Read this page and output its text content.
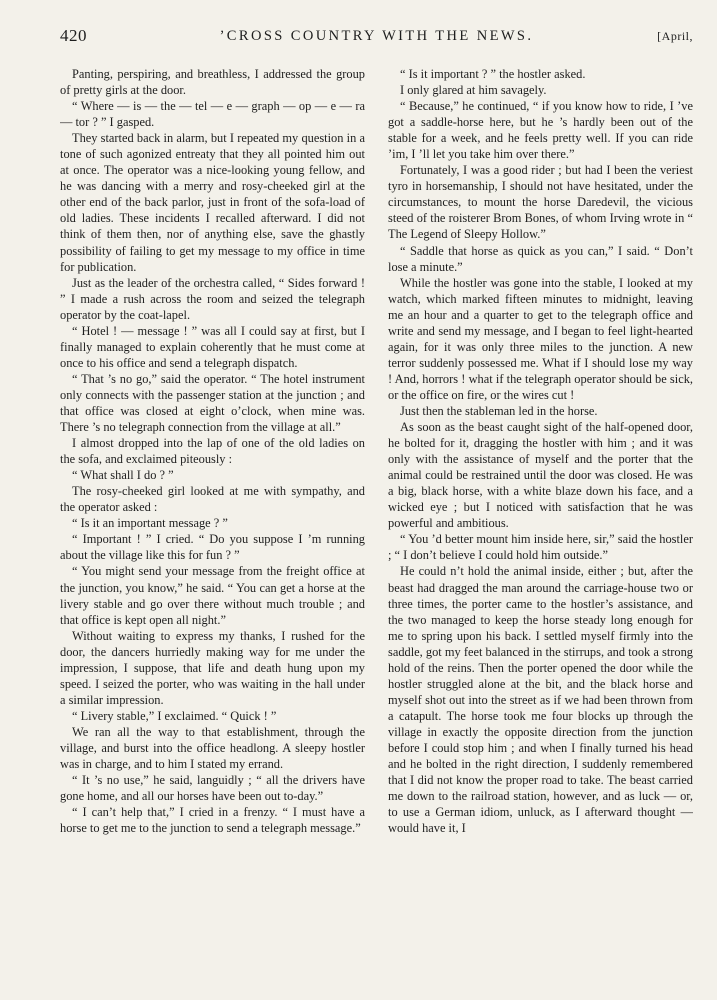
420	’CROSS COUNTRY WITH THE NEWS.	[April,

Panting, perspiring, and breathless, I addressed the group of pretty girls at the door.

“ Where — is — the — tel — e — graph — op — e — ra — tor ? ” I gasped.

They started back in alarm, but I repeated my question in a tone of such agonized entreaty that they all pointed him out at once. The operator was a nice-looking young fellow, and he was dancing with a merry and rosy-cheeked girl at the other end of the back parlor, just in front of the sofa-load of old ladies. These incidents I recalled afterward. I did not think of them then, nor of anything else, save the ghastly possibility of failing to get my message to my office in time for publication.

Just as the leader of the orchestra called, “ Sides forward ! ” I made a rush across the room and seized the telegraph operator by the coat-lapel.

“ Hotel ! — message ! ” was all I could say at first, but I finally managed to explain coherently that he must come at once to his office and send a telegraph dispatch.

“ That ’s no go,” said the operator. “ The hotel instrument only connects with the passenger station at the junction ; and that office was closed at eight o’clock, when mine was. There ’s no telegraph connection from the village at all.”

I almost dropped into the lap of one of the old ladies on the sofa, and exclaimed piteously :

“ What shall I do ? ”

The rosy-cheeked girl looked at me with sympathy, and the operator asked :

“ Is it an important message ? ”

“ Important ! ” I cried. “ Do you suppose I ’m running about the village like this for fun ? ”

“ You might send your message from the freight office at the junction, you know,” he said. “ You can get a horse at the livery stable and go over there without much trouble ; and that office is kept open all night.”

Without waiting to express my thanks, I rushed for the door, the dancers hurriedly making way for me under the impression, I suppose, that life and death hung upon my speed. I seized the porter, who was waiting in the hall under a similar impression.

“ Livery stable,” I exclaimed. “ Quick ! ”

We ran all the way to that establishment, through the village, and burst into the office headlong. A sleepy hostler was in charge, and to him I stated my errand.

“ It ’s no use,” he said, languidly ; “ all the drivers have gone home, and all our horses have been out to-day.”

“ I can’t help that,” I cried in a frenzy. “ I must have a horse to get me to the junction to send a telegraph message.”

“ Is it important ? ” the hostler asked.

I only glared at him savagely.

“ Because,” he continued, “ if you know how to ride, I ’ve got a saddle-horse here, but he ’s hardly been out of the stable for a week, and he feels pretty well. If you can ride ’im, I ’ll let you take him over there.”

Fortunately, I was a good rider ; but had I been the veriest tyro in horsemanship, I should not have hesitated, under the circumstances, to mount the horse Daredevil, the vicious steed of the roisterer Brom Bones, of whom Irving wrote in “ The Legend of Sleepy Hollow.”

“ Saddle that horse as quick as you can,” I said. “ Don’t lose a minute.”

While the hostler was gone into the stable, I looked at my watch, which marked fifteen minutes to midnight, leaving me an hour and a quarter to get to the telegraph office and write and send my message, and I began to feel light-hearted again, for it was only three miles to the junction. A new terror suddenly possessed me. What if I should lose my way ! And, horrors ! what if the telegraph operator should be sick, or the office on fire, or the wires cut !

Just then the stableman led in the horse.

As soon as the beast caught sight of the half-opened door, he bolted for it, dragging the hostler with him ; and it was only with the assistance of myself and the porter that the animal could be restrained until the door was closed. He was a big, black horse, with a white blaze down his face, and a wicked eye ; but I noticed with satisfaction that he was powerful and ambitious.

“ You ’d better mount him inside here, sir,” said the hostler ; “ I don’t believe I could hold him outside.”

He could n’t hold the animal inside, either ; but, after the beast had dragged the man around the carriage-house two or three times, the porter came to the hostler’s assistance, and the two managed to keep the horse steady long enough for me to spring upon his back. I settled myself firmly into the saddle, got my feet balanced in the stirrups, and took a strong hold of the reins. Then the porter opened the door while the hostler struggled alone at the bit, and the black horse and myself shot out into the street as if we had been thrown from a catapult. The horse took me four blocks up through the village in exactly the opposite direction from the junction before I could stop him ; and when I finally turned his head and he bolted in the right direction, I suddenly remembered that I did not know the proper road to take. The beast carried me down to the railroad station, however, and as luck — or, to use a German idiom, unluck, as I afterward thought — would have it, I
